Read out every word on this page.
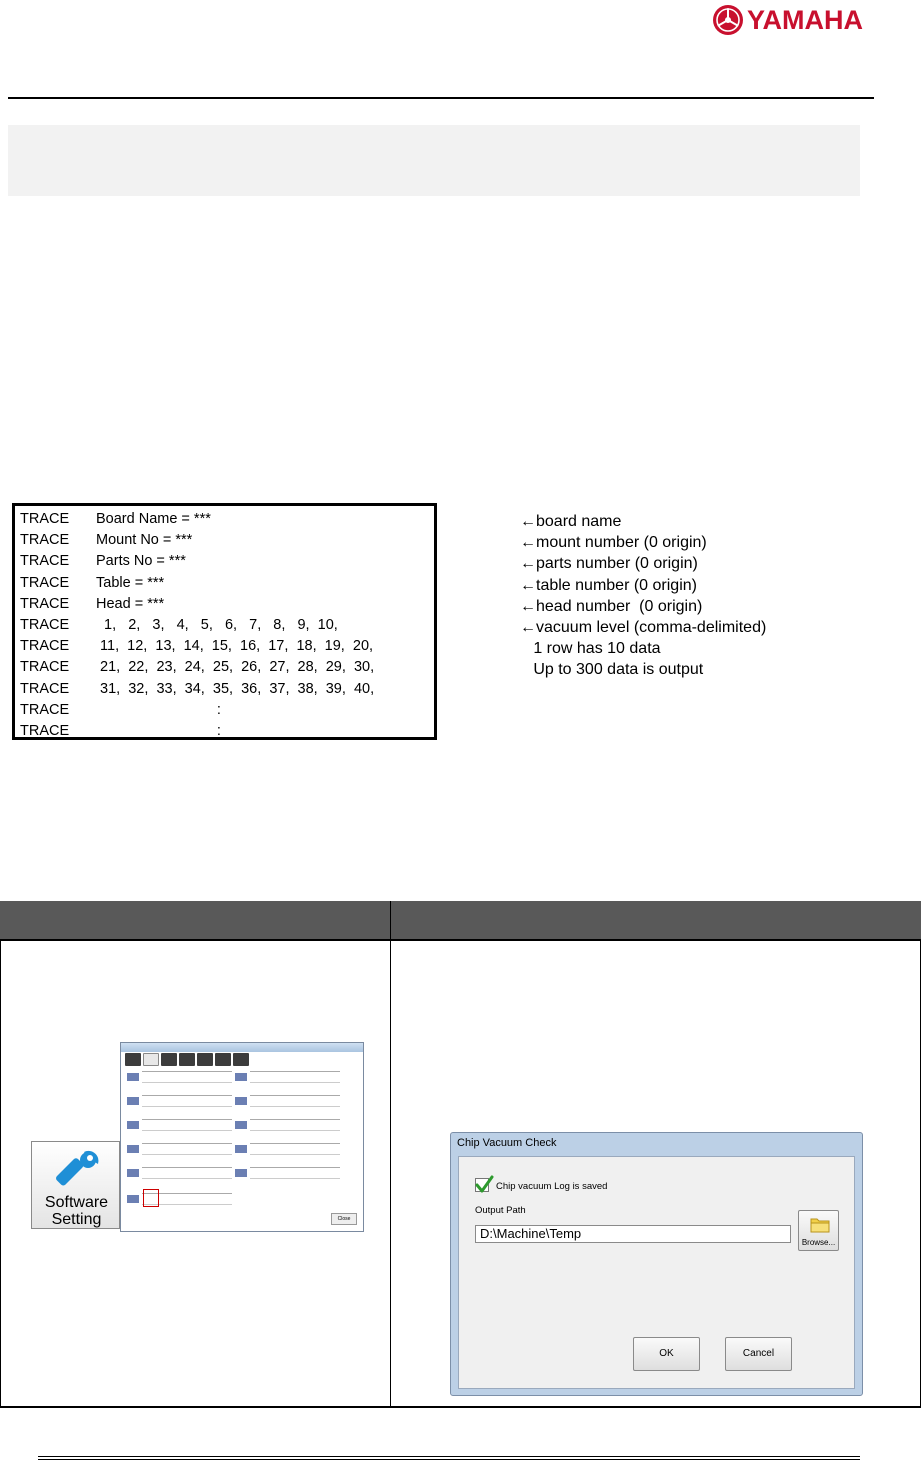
YAMAHA
TRACE Board Name = ***
TRACE Mount No = ***
TRACE Parts No = ***
TRACE Table = ***
TRACE Head = ***
TRACE 1,   2,   3,   4,   5,   6,   7,   8,   9,  10,
TRACE 11,  12,  13,  14,  15,  16,  17,  18,  19,  20,
TRACE 21,  22,  23,  24,  25,  26,  27,  28,  29,  30,
TRACE 31,  32,  33,  34,  35,  36,  37,  38,  39,  40,
TRACE :
TRACE :
←board name
←mount number (0 origin)
←parts number (0 origin)
←table number (0 origin)
←head number  (0 origin)
←vacuum level (comma-delimited)
1 row has 10 data
Up to 300 data is output
Close
Software
Setting
Chip Vacuum Check
Chip vacuum Log is saved
Output Path
D:\Machine\Temp
Browse...
OK	Cancel
